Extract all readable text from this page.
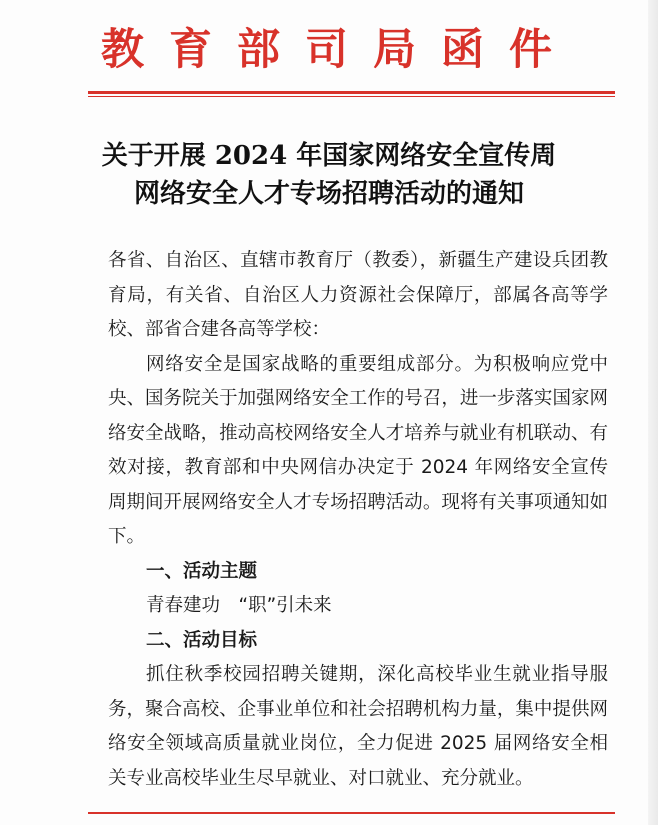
教育部司局函件
关于开展 2024 年国家网络安全宣传周
网络安全人才专场招聘活动的通知

各省、自治区、直辖市教育厅（教委），新疆生产建设兵团教育局，有关省、自治区人力资源社会保障厅，部属各高等学校、部省合建各高等学校：

网络安全是国家战略的重要组成部分。为积极响应党中央、国务院关于加强网络安全工作的号召，进一步落实国家网络安全战略，推动高校网络安全人才培养与就业有机联动、有效对接，教育部和中央网信办决定于 2024 年网络安全宣传周期间开展网络安全人才专场招聘活动。现将有关事项通知如下。

一、活动主题

青春建功　“职”引未来

二、活动目标

抓住秋季校园招聘关键期，深化高校毕业生就业指导服务，聚合高校、企事业单位和社会招聘机构力量，集中提供网络安全领域高质量就业岗位，全力促进 2025 届网络安全相关专业高校毕业生尽早就业、对口就业、充分就业。
